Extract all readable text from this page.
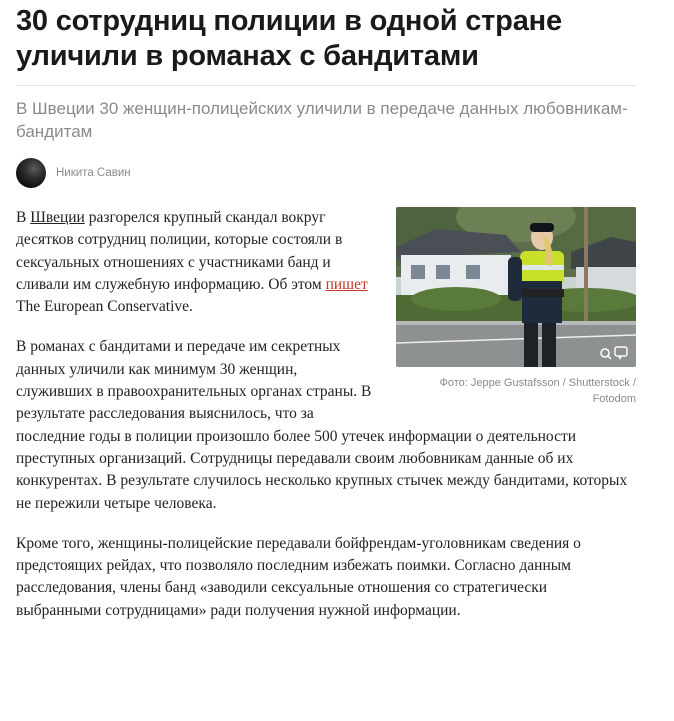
30 сотрудниц полиции в одной стране уличили в романах с бандитами
В Швеции 30 женщин-полицейских уличили в передаче данных любовникам-бандитам
Никита Савин
Фото: Jeppe Gustafsson / Shutterstock / Fotodom

В Швеции разгорелся крупный скандал вокруг десятков сотрудниц полиции, которые состояли в сексуальных отношениях с участниками банд и сливали им служебную информацию. Об этом пишет The European Conservative.

В романах с бандитами и передаче им секретных данных уличили как минимум 30 женщин, служивших в правоохранительных органах страны. В результате расследования выяснилось, что за последние годы в полиции произошло более 500 утечек информации о деятельности преступных организаций. Сотрудницы передавали своим любовникам данные об их конкурентах. В результате случилось несколько крупных стычек между бандитами, которых не пережили четыре человека.

Кроме того, женщины-полицейские передавали бойфрендам-уголовникам сведения о предстоящих рейдах, что позволяло последним избежать поимки. Согласно данным расследования, члены банд «заводили сексуальные отношения со стратегически выбранными сотрудницами» ради получения нужной информации.
